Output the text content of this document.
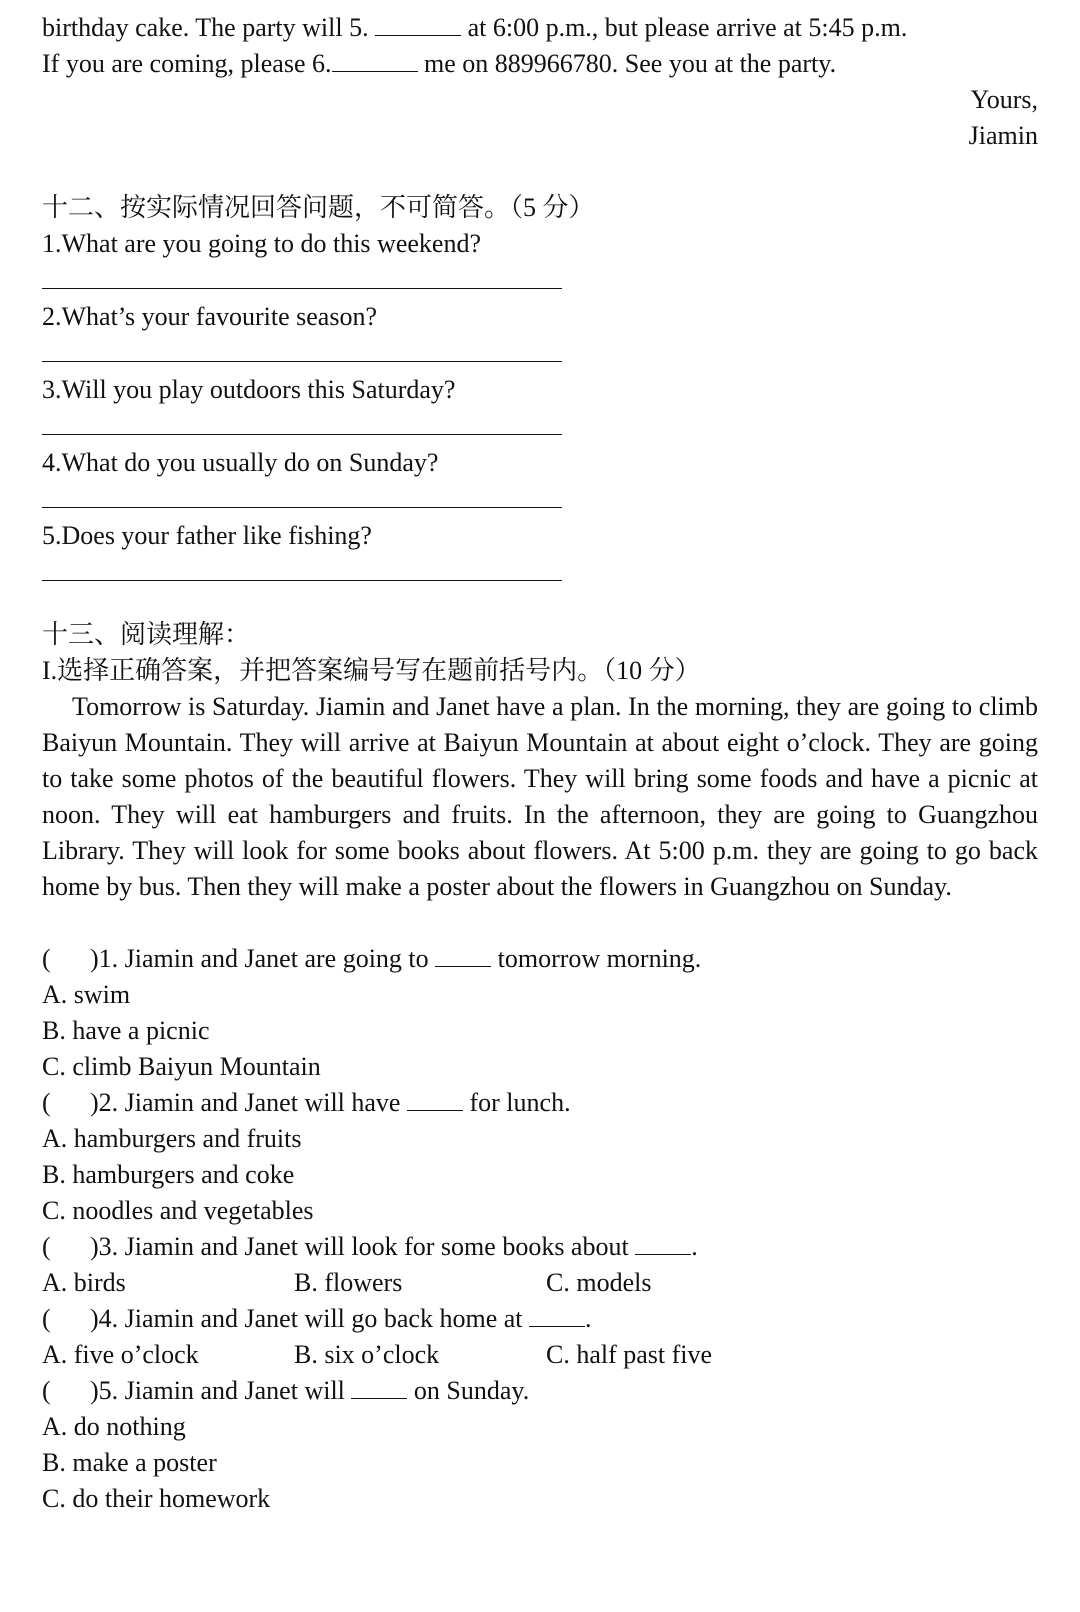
birthday cake. The party will 5.	at 6:00 p.m., but please arrive at 5:45 p.m.
If you are coming, please 6.	me on 889966780. See you at the party.
Yours,
Jiamin
十二、按实际情况回答问题，不可简答。（5 分）
1.What are you going to do this weekend?
2.What’s your favourite season?
3.Will you play outdoors this Saturday?
4.What do you usually do on Sunday?
5.Does your father like fishing?
十三、阅读理解：
I.选择正确答案，并把答案编号写在题前括号内。（10 分）

Tomorrow is Saturday. Jiamin and Janet have a plan. In the morning, they are going to climb Baiyun Mountain. They will arrive at Baiyun Mountain at about eight o’clock. They are going to take some photos of the beautiful flowers. They will bring some foods and have a picnic at noon. They will eat hamburgers and fruits. In the afternoon, they are going to Guangzhou Library. They will look for some books about flowers. At 5:00 p.m. they are going to go back home by bus. Then they will make a poster about the flowers in Guangzhou on Sunday.

( )1. Jiamin and Janet are going to	tomorrow morning.
A. swim
B. have a picnic
C. climb Baiyun Mountain
( )2. Jiamin and Janet will have	for lunch.
A. hamburgers and fruits
B. hamburgers and coke
C. noodles and vegetables
( )3. Jiamin and Janet will look for some books about .
A. birds	B. flowers	C. models
( )4. Jiamin and Janet will go back home at .
A. five o’clock	B. six o’clock	C. half past five
( )5. Jiamin and Janet will	on Sunday.
A. do nothing
B. make a poster
C. do their homework
